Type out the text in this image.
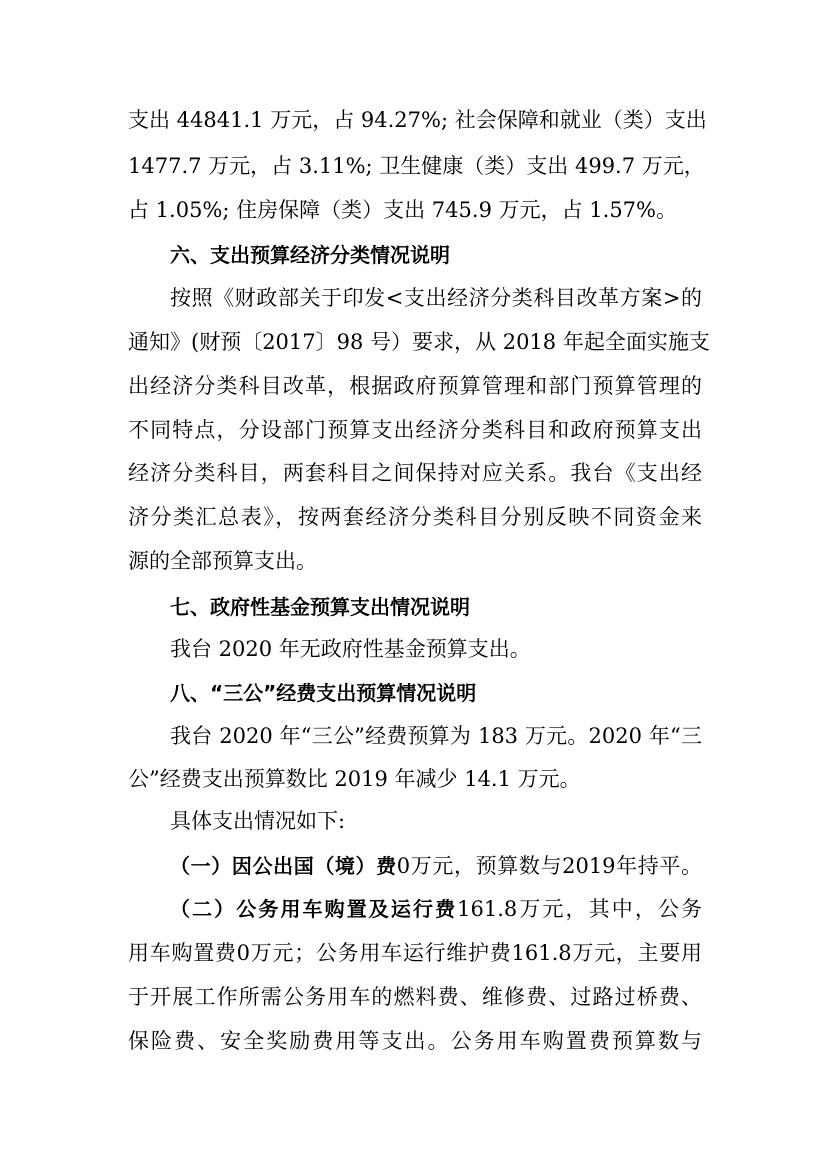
支出 44841.1 万元，占 94.27%; 社会保障和就业（类）支出
1477.7 万元，占 3.11%; 卫生健康（类）支出 499.7 万元，
占 1.05%; 住房保障（类）支出 745.9 万元，占 1.57%。
六、支出预算经济分类情况说明
按照《财政部关于印发<支出经济分类科目改革方案>的
通知》(财预〔2017〕98 号）要求，从 2018 年起全面实施支
出经济分类科目改革，根据政府预算管理和部门预算管理的
不同特点，分设部门预算支出经济分类科目和政府预算支出
经济分类科目，两套科目之间保持对应关系。我台《支出经
济分类汇总表》，按两套经济分类科目分别反映不同资金来
源的全部预算支出。
七、政府性基金预算支出情况说明
我台 2020 年无政府性基金预算支出。
八、“三公”经费支出预算情况说明
我台 2020 年“三公”经费预算为 183 万元。2020 年“三
公”经费支出预算数比 2019 年减少 14.1 万元。
具体支出情况如下:
（一）因公出国（境）费0万元，预算数与2019年持平。
（二）公务用车购置及运行费161.8万元，其中，公务
用车购置费0万元；公务用车运行维护费161.8万元，主要用
于开展工作所需公务用车的燃料费、维修费、过路过桥费、
保险费、安全奖励费用等支出。公务用车购置费预算数与
